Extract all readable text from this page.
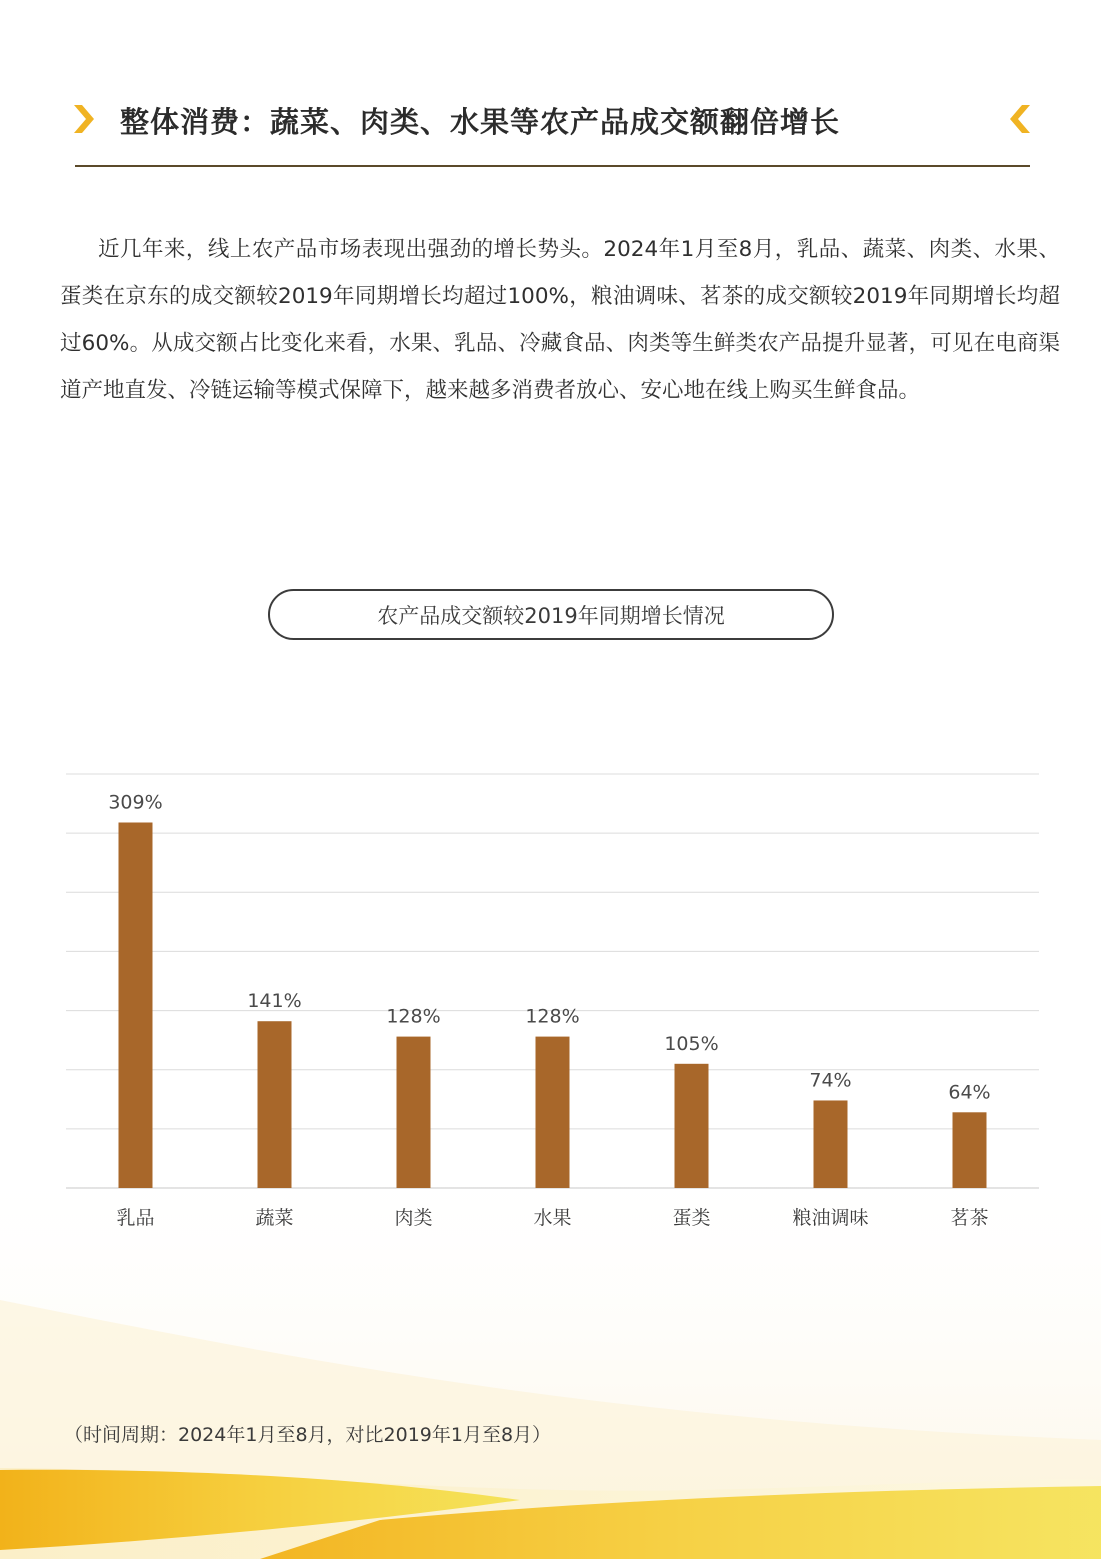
整体消费：蔬菜、肉类、水果等农产品成交额翻倍增长

近几年来，线上农产品市场表现出强劲的增长势头。2024年1月至8月，乳品、蔬菜、肉类、水果、蛋类在京东的成交额较2019年同期增长均超过100%，粮油调味、茗茶的成交额较2019年同期增长均超过60%。从成交额占比变化来看，水果、乳品、冷藏食品、肉类等生鲜类农产品提升显著，可见在电商渠道产地直发、冷链运输等模式保障下，越来越多消费者放心、安心地在线上购买生鲜食品。

农产品成交额较2019年同期增长情况
309%
乳品
141%
蔬菜
128%
肉类
128%
水果
105%
蛋类
74%
粮油调味
64%
茗茶
（时间周期：2024年1月至8月，对比2019年1月至8月）
